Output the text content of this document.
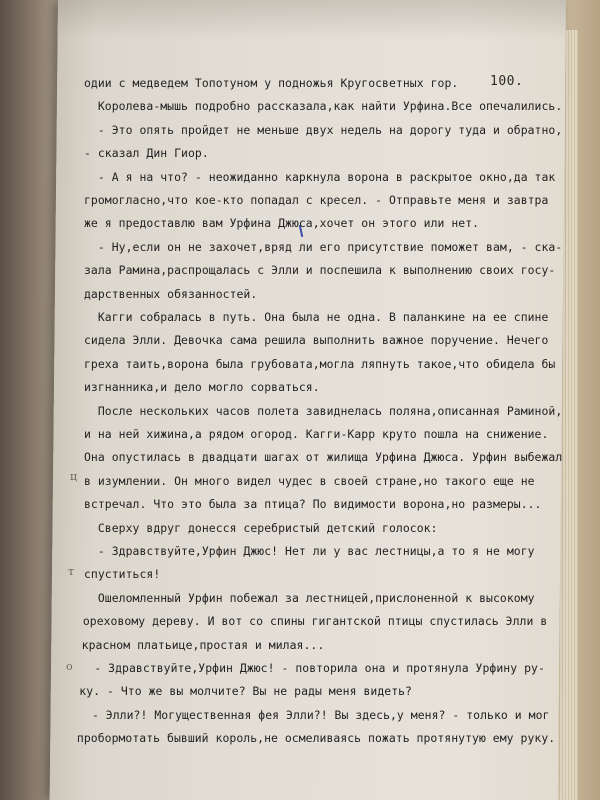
100.
ц
т
о
одии с медведем Топотуном у подножья Кругосветных гор.
Королева-мышь подробно рассказала,как найти Урфина.Все опечалились.
- Это опять пройдет не меньше двух недель на дорогу туда и обратно,
- сказал Дин Гиор.
- А я на что? - неожиданно каркнула ворона в раскрытое окно,да так
громогласно,что кое-кто попадал с кресел. - Отправьте меня и завтра
же я предоставлю вам Урфина Джюса,хочет он этого или нет.
- Ну,если он не захочет,вряд ли его присутствие поможет вам, - ска-
зала Рамина,распрощалась с Элли и поспешила к выполнению своих госу-
дарственных обязанностей.
Кагги собралась в путь. Она была не одна. В паланкине на ее спине
сидела Элли. Девочка сама решила выполнить важное поручение. Нечего
греха таить,ворона была грубовата,могла ляпнуть такое,что обидела бы
изгнанника,и дело могло сорваться.
После нескольких часов полета завиднелась поляна,описанная Раминой,
и на ней хижина,а рядом огород. Кагги-Карр круто пошла на снижение.
Она опустилась в двадцати шагах от жилища Урфина Джюса. Урфин выбежал
в изумлении. Он много видел чудес в своей стране,но такого еще не
встречал. Что это была за птица? По видимости ворона,но размеры...
Сверху вдруг донесся серебристый детский голосок:
- Здравствуйте,Урфин Джюс! Нет ли у вас лестницы,а то я не могу
спуститься!
Ошеломленный Урфин побежал за лестницей,прислоненной к высокому
ореховому дереву. И вот со спины гигантской птицы спустилась Элли в
красном платьице,простая и милая...
- Здравствуйте,Урфин Джюс! - повторила она и протянула Урфину ру-
ку. - Что же вы молчите? Вы не рады меня видеть?
- Элли?! Могущественная фея Элли?! Вы здесь,у меня? - только и мог
пробормотать бывший король,не осмеливаясь пожать протянутую ему руку.
